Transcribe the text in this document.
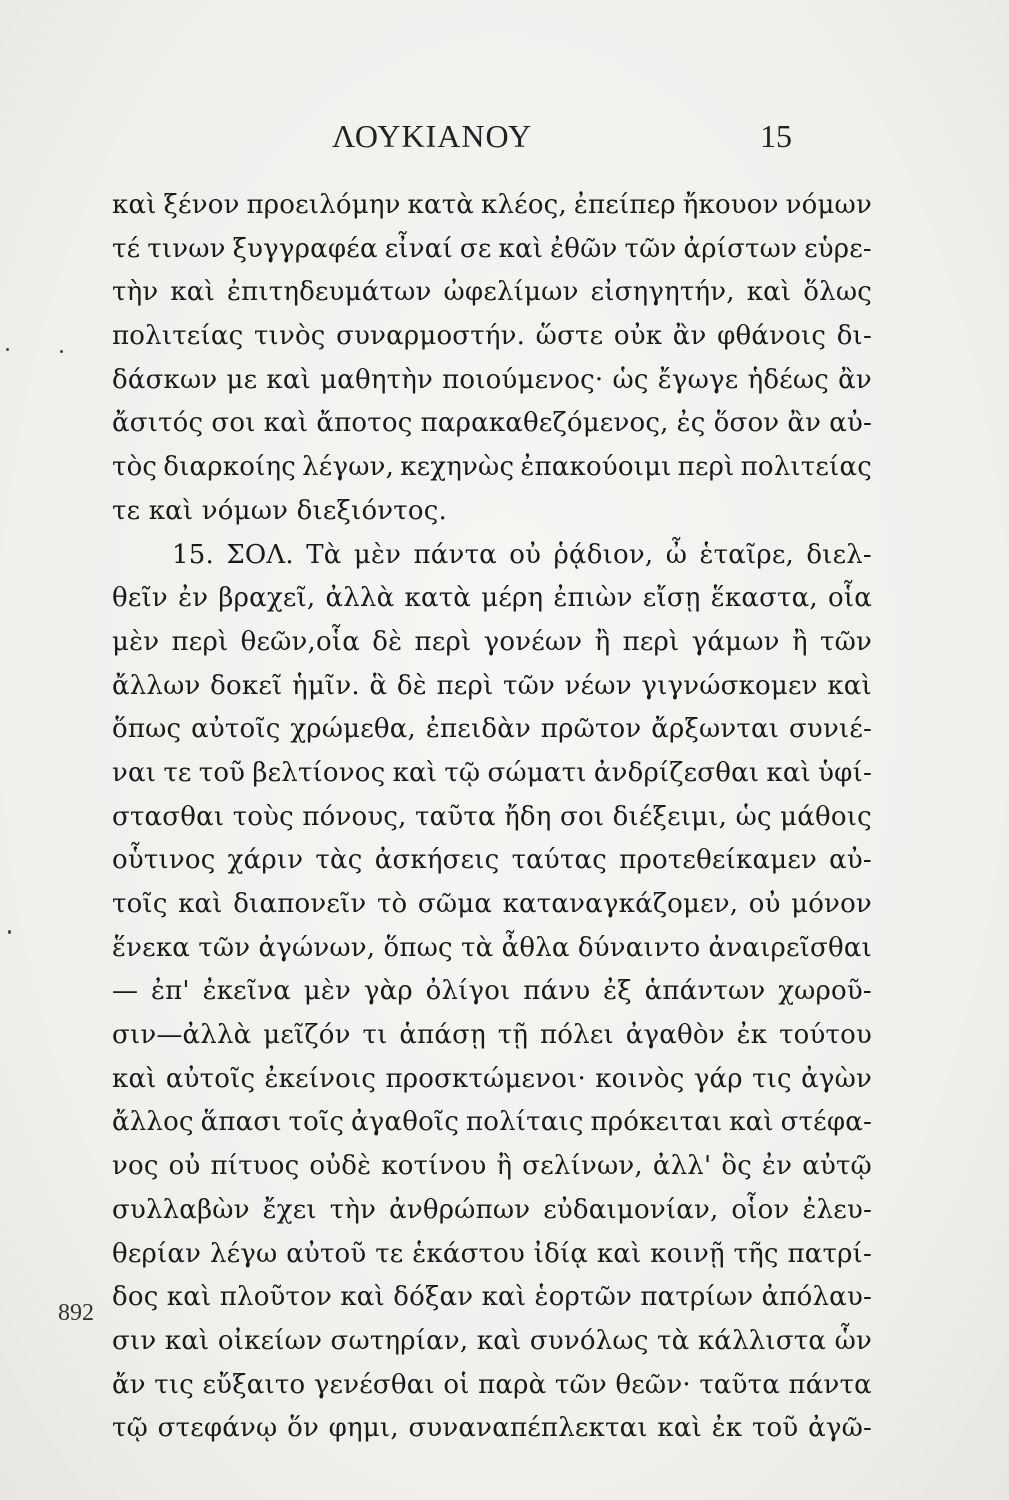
ΛΟΥΚΙΑΝΟΥ	15
καὶ ξένον προειλόμην κατὰ κλέος, ἐπείπερ ἤκουον νόμων
τέ τινων ξυγγραφέα εἶναί σε καὶ ἐθῶν τῶν ἀρίστων εὑρε-
τὴν καὶ ἐπιτηδευμάτων ὠφελίμων εἰσηγητήν, καὶ ὅλως
πολιτείας τινὸς συναρμοστήν. ὥστε οὐκ ἂν φθάνοις δι-
δάσκων με καὶ μαθητὴν ποιούμενος· ὡς ἔγωγε ἡδέως ἂν
ἄσιτός σοι καὶ ἄποτος παρακαθεζόμενος, ἐς ὅσον ἂν αὐ-
τὸς διαρκοίης λέγων, κεχηνὼς ἐπακούοιμι περὶ πολιτείας
τε καὶ νόμων διεξιόντος.
15. ΣΟΛ. Τὰ μὲν πάντα οὐ ῥᾴδιον, ὦ ἑταῖρε, διελ-
θεῖν ἐν βραχεῖ, ἀλλὰ κατὰ μέρη ἐπιὼν εἴσῃ ἕκαστα, οἷα
μὲν περὶ θεῶν,οἷα δὲ περὶ γονέων ἢ περὶ γάμων ἢ τῶν
ἄλλων δοκεῖ ἡμῖν. ἃ δὲ περὶ τῶν νέων γιγνώσκομεν καὶ
ὅπως αὐτοῖς χρώμεθα, ἐπειδὰν πρῶτον ἄρξωνται συνιέ-
ναι τε τοῦ βελτίονος καὶ τῷ σώματι ἀνδρίζεσθαι καὶ ὑφί-
στασθαι τοὺς πόνους, ταῦτα ἤδη σοι διέξειμι, ὡς μάθοις
οὗτινος χάριν τὰς ἀσκήσεις ταύτας προτεθείκαμεν αὐ-
τοῖς καὶ διαπονεῖν τὸ σῶμα καταναγκάζομεν, οὐ μόνον
ἕνεκα τῶν ἀγώνων, ὅπως τὰ ἆθλα δύναιντο ἀναιρεῖσθαι
— ἐπ' ἐκεῖνα μὲν γὰρ ὀλίγοι πάνυ ἐξ ἁπάντων χωροῦ-
σιν—ἀλλὰ μεῖζόν τι ἁπάσῃ τῇ πόλει ἀγαθὸν ἐκ τούτου
καὶ αὐτοῖς ἐκείνοις προσκτώμενοι· κοινὸς γάρ τις ἀγὼν
ἄλλος ἅπασι τοῖς ἀγαθοῖς πολίταις πρόκειται καὶ στέφα-
νος οὐ πίτυος οὐδὲ κοτίνου ἢ σελίνων, ἀλλ' ὃς ἐν αὐτῷ
συλλαβὼν ἔχει τὴν ἀνθρώπων εὐδαιμονίαν, οἷον ἐλευ-
θερίαν λέγω αὐτοῦ τε ἑκάστου ἰδίᾳ καὶ κοινῇ τῆς πατρί-
δος καὶ πλοῦτον καὶ δόξαν καὶ ἑορτῶν πατρίων ἀπόλαυ-
σιν καὶ οἰκείων σωτηρίαν, καὶ συνόλως τὰ κάλλιστα ὧν
ἄν τις εὔξαιτο γενέσθαι οἱ παρὰ τῶν θεῶν· ταῦτα πάντα
τῷ στεφάνῳ ὅν φημι, συναναπέπλεκται καὶ ἐκ τοῦ ἀγῶ-
892
